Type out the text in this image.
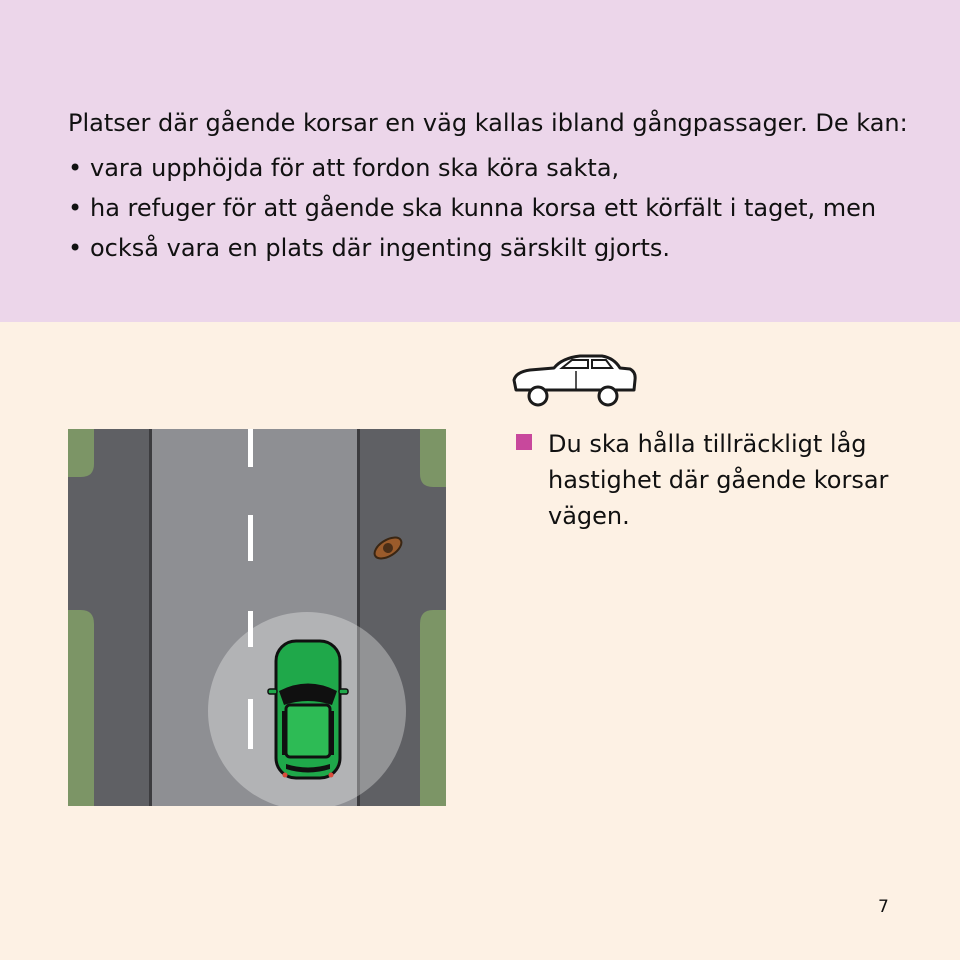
Platser där gående korsar en väg kallas ibland gångpassager. De kan:

• vara upphöjda för att fordon ska köra sakta,
• ha refuger för att gående ska kunna korsa ett körfält i taget, men
• också vara en plats där ingenting särskilt gjorts.

Du ska hålla tillräckligt låg hastighet där gående korsar vägen.

7
